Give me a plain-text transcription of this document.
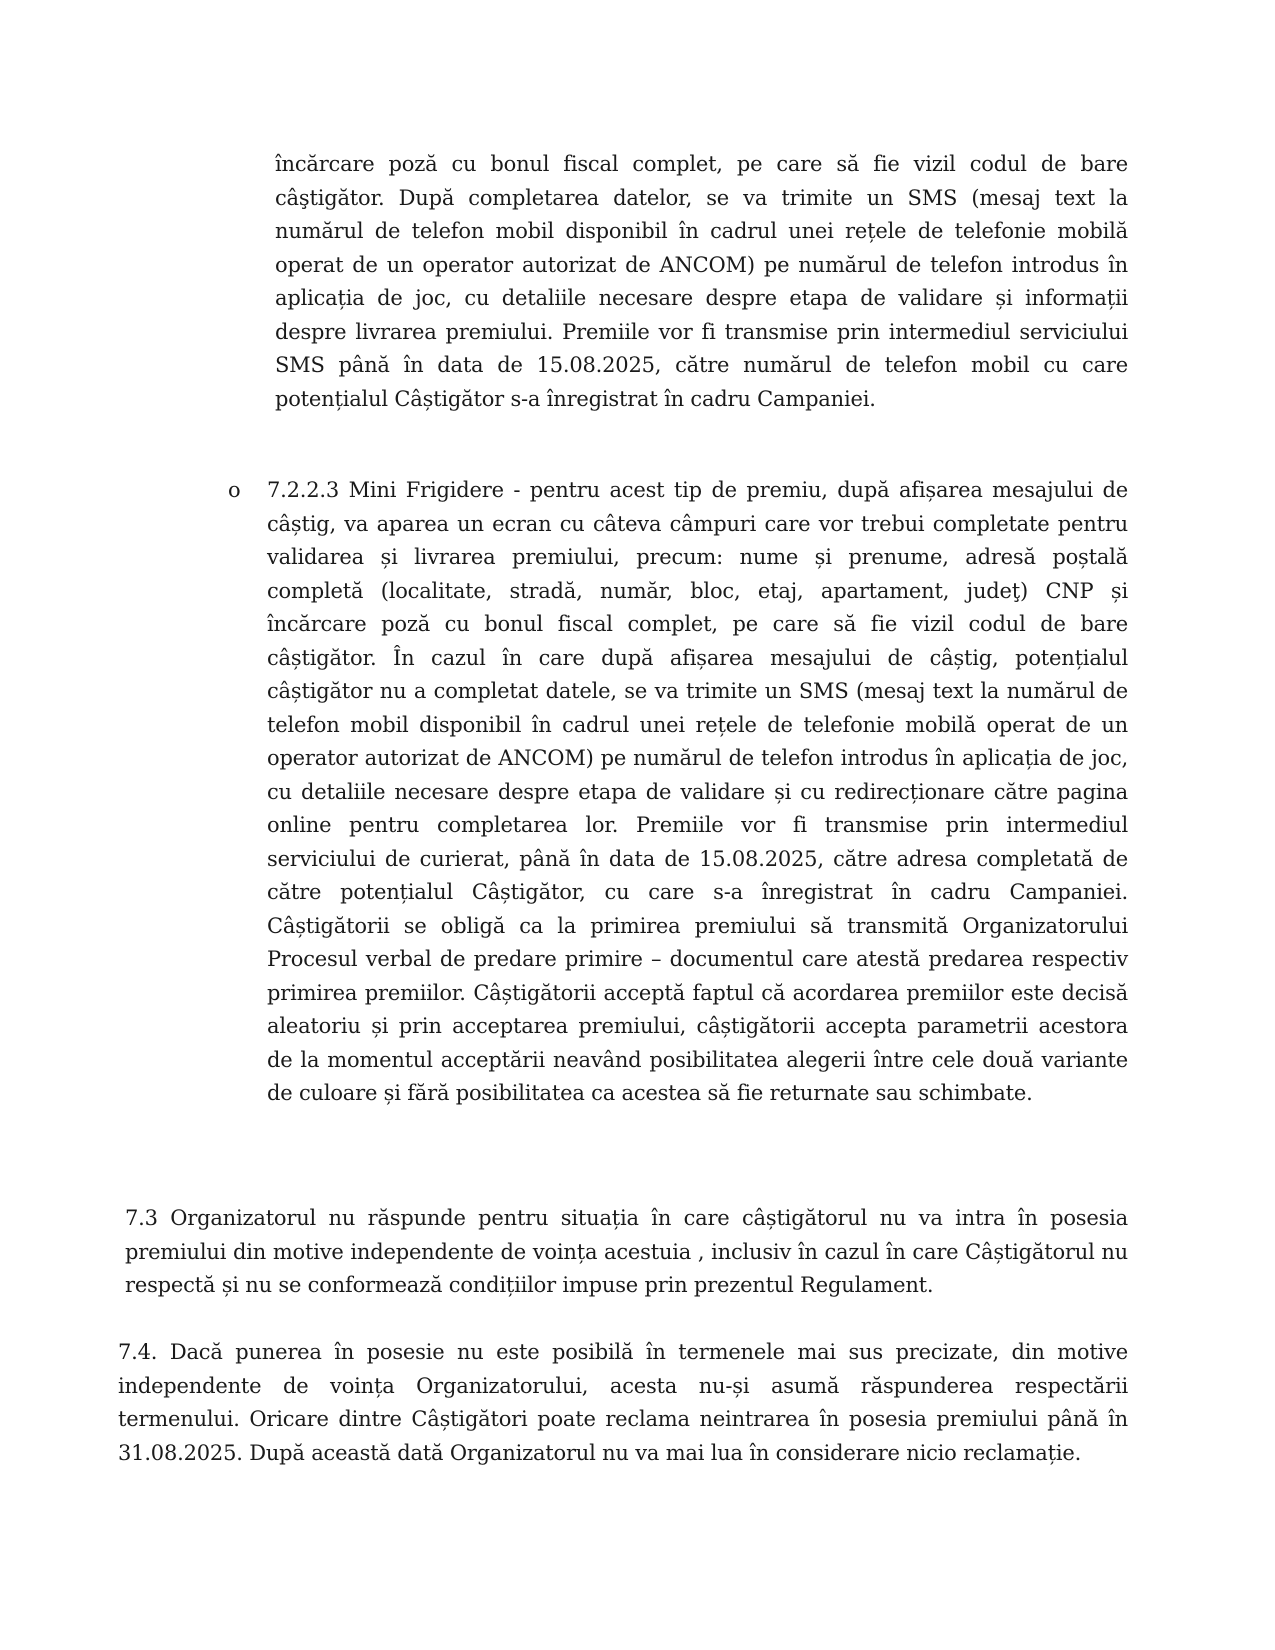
încărcare poză cu bonul fiscal complet, pe care să fie vizil codul de bare câştigător. După completarea datelor, se va trimite un SMS (mesaj text la numărul de telefon mobil disponibil în cadrul unei rețele de telefonie mobilă operat de un operator autorizat de ANCOM) pe numărul de telefon introdus în aplicația de joc, cu detaliile necesare despre etapa de validare și informații despre livrarea premiului. Premiile vor fi transmise prin intermediul serviciului SMS până în data de 15.08.2025, către numărul de telefon mobil cu care potențialul Câștigător s-a înregistrat în cadru Campaniei.

o 7.2.2.3 Mini Frigidere - pentru acest tip de premiu, după afișarea mesajului de câștig, va aparea un ecran cu câteva câmpuri care vor trebui completate pentru validarea și livrarea premiului, precum: nume și prenume, adresă poștală completă (localitate, stradă, număr, bloc, etaj, apartament, judeţ) CNP și încărcare poză cu bonul fiscal complet, pe care să fie vizil codul de bare câștigător. În cazul în care după afișarea mesajului de câștig, potențialul câștigător nu a completat datele, se va trimite un SMS (mesaj text la numărul de telefon mobil disponibil în cadrul unei rețele de telefonie mobilă operat de un operator autorizat de ANCOM) pe numărul de telefon introdus în aplicația de joc, cu detaliile necesare despre etapa de validare și cu redirecționare către pagina online pentru completarea lor. Premiile vor fi transmise prin intermediul serviciului de curierat, până în data de 15.08.2025, către adresa completată de către potențialul Câștigător, cu care s-a înregistrat în cadru Campaniei. Câștigătorii se obligă ca la primirea premiului să transmită Organizatorului Procesul verbal de predare primire – documentul care atestă predarea respectiv primirea premiilor. Câștigătorii acceptă faptul că acordarea premiilor este decisă aleatoriu și prin acceptarea premiului, câștigătorii accepta parametrii acestora de la momentul acceptării neavând posibilitatea alegerii între cele două variante de culoare și fără posibilitatea ca acestea să fie returnate sau schimbate.

7.3 Organizatorul nu răspunde pentru situația în care câștigătorul nu va intra în posesia premiului din motive independente de voința acestuia , inclusiv în cazul în care Câștigătorul nu respectă și nu se conformează condițiilor impuse prin prezentul Regulament.

7.4. Dacă punerea în posesie nu este posibilă în termenele mai sus precizate, din motive independente de voința Organizatorului, acesta nu-și asumă răspunderea respectării termenului. Oricare dintre Câștigători poate reclama neintrarea în posesia premiului până în 31.08.2025. După această dată Organizatorul nu va mai lua în considerare nicio reclamație.
